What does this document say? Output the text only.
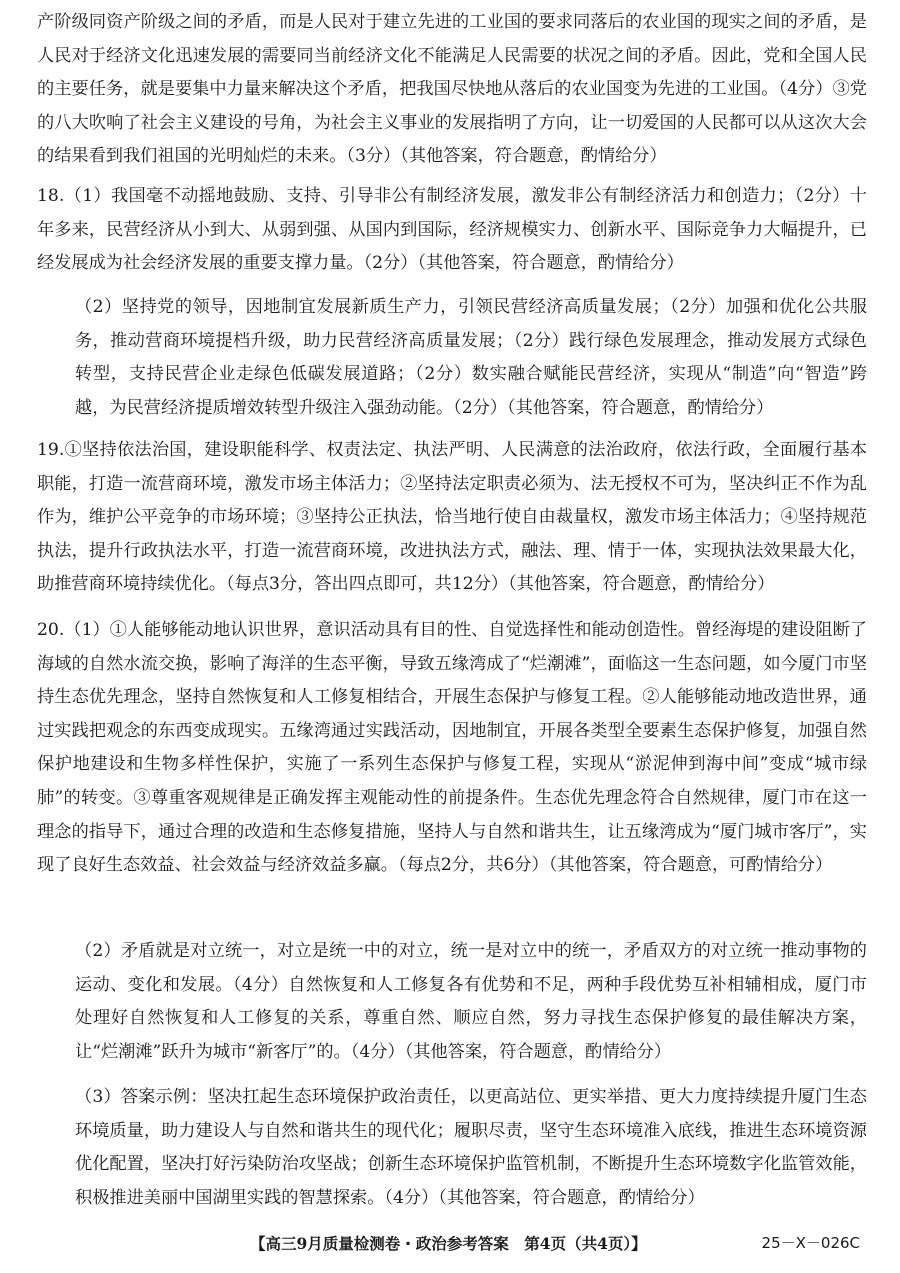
产阶级同资产阶级之间的矛盾，而是人民对于建立先进的工业国的要求同落后的农业国的现实之间的矛盾，是人民对于经济文化迅速发展的需要同当前经济文化不能满足人民需要的状况之间的矛盾。因此，党和全国人民的主要任务，就是要集中力量来解决这个矛盾，把我国尽快地从落后的农业国变为先进的工业国。（4分）③党的八大吹响了社会主义建设的号角，为社会主义事业的发展指明了方向，让一切爱国的人民都可以从这次大会的结果看到我们祖国的光明灿烂的未来。（3分）（其他答案，符合题意，酌情给分）

18.（1）我国毫不动摇地鼓励、支持、引导非公有制经济发展，激发非公有制经济活力和创造力；（2分）十年多来，民营经济从小到大、从弱到强、从国内到国际，经济规模实力、创新水平、国际竞争力大幅提升，已经发展成为社会经济发展的重要支撑力量。（2分）（其他答案，符合题意，酌情给分）

（2）坚持党的领导，因地制宜发展新质生产力，引领民营经济高质量发展；（2分）加强和优化公共服务，推动营商环境提档升级，助力民营经济高质量发展；（2分）践行绿色发展理念，推动发展方式绿色转型，支持民营企业走绿色低碳发展道路；（2分）数实融合赋能民营经济，实现从“制造”向“智造”跨越，为民营经济提质增效转型升级注入强劲动能。（2分）（其他答案，符合题意，酌情给分）

19.①坚持依法治国，建设职能科学、权责法定、执法严明、人民满意的法治政府，依法行政，全面履行基本职能，打造一流营商环境，激发市场主体活力；②坚持法定职责必须为、法无授权不可为，坚决纠正不作为乱作为，维护公平竞争的市场环境；③坚持公正执法，恰当地行使自由裁量权，激发市场主体活力；④坚持规范执法，提升行政执法水平，打造一流营商环境，改进执法方式，融法、理、情于一体，实现执法效果最大化，助推营商环境持续优化。（每点3分，答出四点即可，共12分）（其他答案，符合题意，酌情给分）

20.（1）①人能够能动地认识世界，意识活动具有目的性、自觉选择性和能动创造性。曾经海堤的建设阻断了海域的自然水流交换，影响了海洋的生态平衡，导致五缘湾成了“烂潮滩”，面临这一生态问题，如今厦门市坚持生态优先理念，坚持自然恢复和人工修复相结合，开展生态保护与修复工程。②人能够能动地改造世界，通过实践把观念的东西变成现实。五缘湾通过实践活动，因地制宜，开展各类型全要素生态保护修复，加强自然保护地建设和生物多样性保护，实施了一系列生态保护与修复工程，实现从“淤泥伸到海中间”变成“城市绿肺”的转变。③尊重客观规律是正确发挥主观能动性的前提条件。生态优先理念符合自然规律，厦门市在这一理念的指导下，通过合理的改造和生态修复措施，坚持人与自然和谐共生，让五缘湾成为“厦门城市客厅”，实现了良好生态效益、社会效益与经济效益多赢。（每点2分，共6分）（其他答案，符合题意，可酌情给分）

（2）矛盾就是对立统一，对立是统一中的对立，统一是对立中的统一，矛盾双方的对立统一推动事物的运动、变化和发展。（4分）自然恢复和人工修复各有优势和不足，两种手段优势互补相辅相成，厦门市处理好自然恢复和人工修复的关系，尊重自然、顺应自然，努力寻找生态保护修复的最佳解决方案，让“烂潮滩”跃升为城市“新客厅”的。（4分）（其他答案，符合题意，酌情给分）

（3）答案示例：坚决扛起生态环境保护政治责任，以更高站位、更实举措、更大力度持续提升厦门生态环境质量，助力建设人与自然和谐共生的现代化；履职尽责，坚守生态环境准入底线，推进生态环境资源优化配置，坚决打好污染防治攻坚战；创新生态环境保护监管机制，不断提升生态环境数字化监管效能，积极推进美丽中国湖里实践的智慧探索。（4分）（其他答案，符合题意，酌情给分）

【高三9月质量检测卷・政治参考答案　第4页（共4页）】	25－X－026C
